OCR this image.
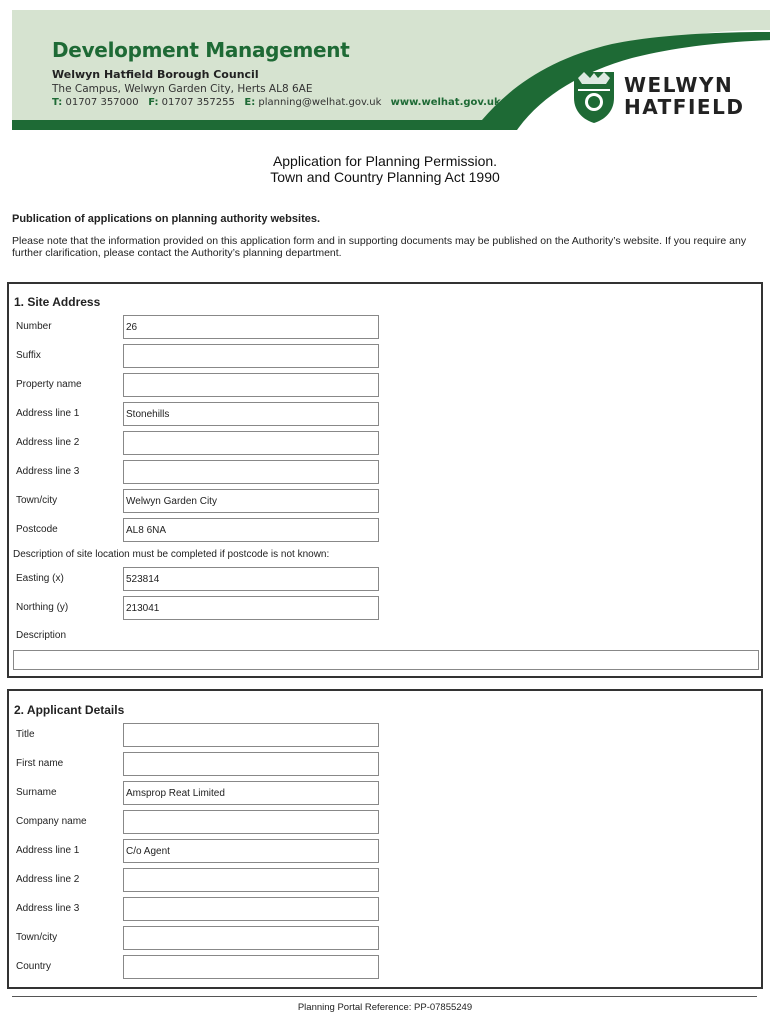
Development Management
Welwyn Hatfield Borough Council
The Campus, Welwyn Garden City, Herts AL8 6AE
T: 01707 357000 F: 01707 357255 E: planning@welhat.gov.uk www.welhat.gov.uk
WELWYN
HATFIELD
Application for Planning Permission.
Town and Country Planning Act 1990
Publication of applications on planning authority websites.
Please note that the information provided on this application form and in supporting documents may be published on the Authority’s website. If you require any further clarification, please contact the Authority’s planning department.
1. Site Address
Number	26
Suffix
Property name
Address line 1	Stonehills
Address line 2
Address line 3
Town/city	Welwyn Garden City
Postcode	AL8 6NA
Description of site location must be completed if postcode is not known:
Easting (x)	523814
Northing (y)	213041
Description
2. Applicant Details
Title
First name
Surname	Amsprop Reat Limited
Company name
Address line 1	C/o Agent
Address line 2
Address line 3
Town/city
Country
Planning Portal Reference: PP-07855249
